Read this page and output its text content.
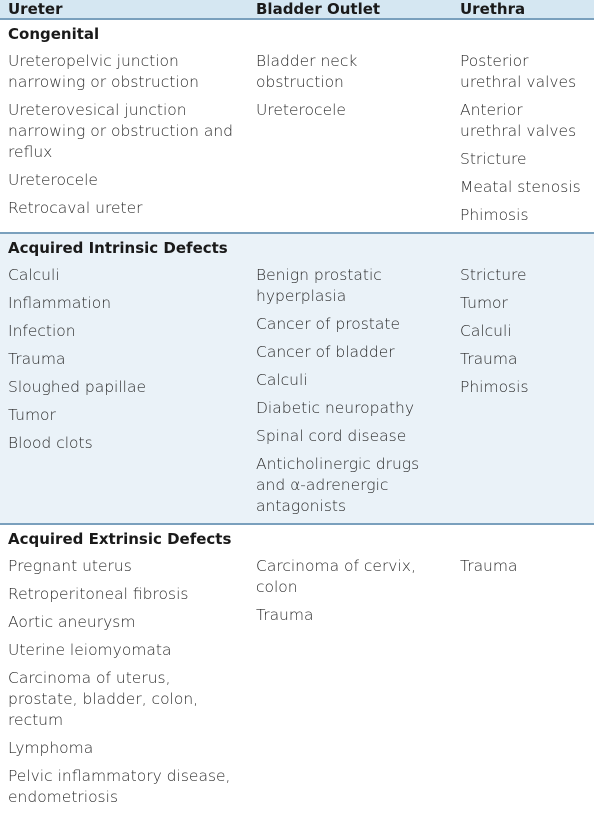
Ureter	Bladder Outlet	Urethra
Congenital
Ureteropelvic junction narrowing or obstruction
Ureterovesical junction narrowing or obstruction and reflux
Ureterocele
Retrocaval ureter
Bladder neck obstruction
Ureterocele
Posterior urethral valves
Anterior urethral valves
Stricture
Meatal stenosis
Phimosis
Acquired Intrinsic Defects
Calculi
Inflammation
Infection
Trauma
Sloughed papillae
Tumor
Blood clots
Benign prostatic hyperplasia
Cancer of prostate
Cancer of bladder
Calculi
Diabetic neuropathy
Spinal cord disease
Anticholinergic drugs and α-adrenergic antagonists
Stricture
Tumor
Calculi
Trauma
Phimosis
Acquired Extrinsic Defects
Pregnant uterus
Retroperitoneal fibrosis
Aortic aneurysm
Uterine leiomyomata
Carcinoma of uterus, prostate, bladder, colon, rectum
Lymphoma
Pelvic inflammatory disease, endometriosis
Carcinoma of cervix, colon
Trauma
Trauma
